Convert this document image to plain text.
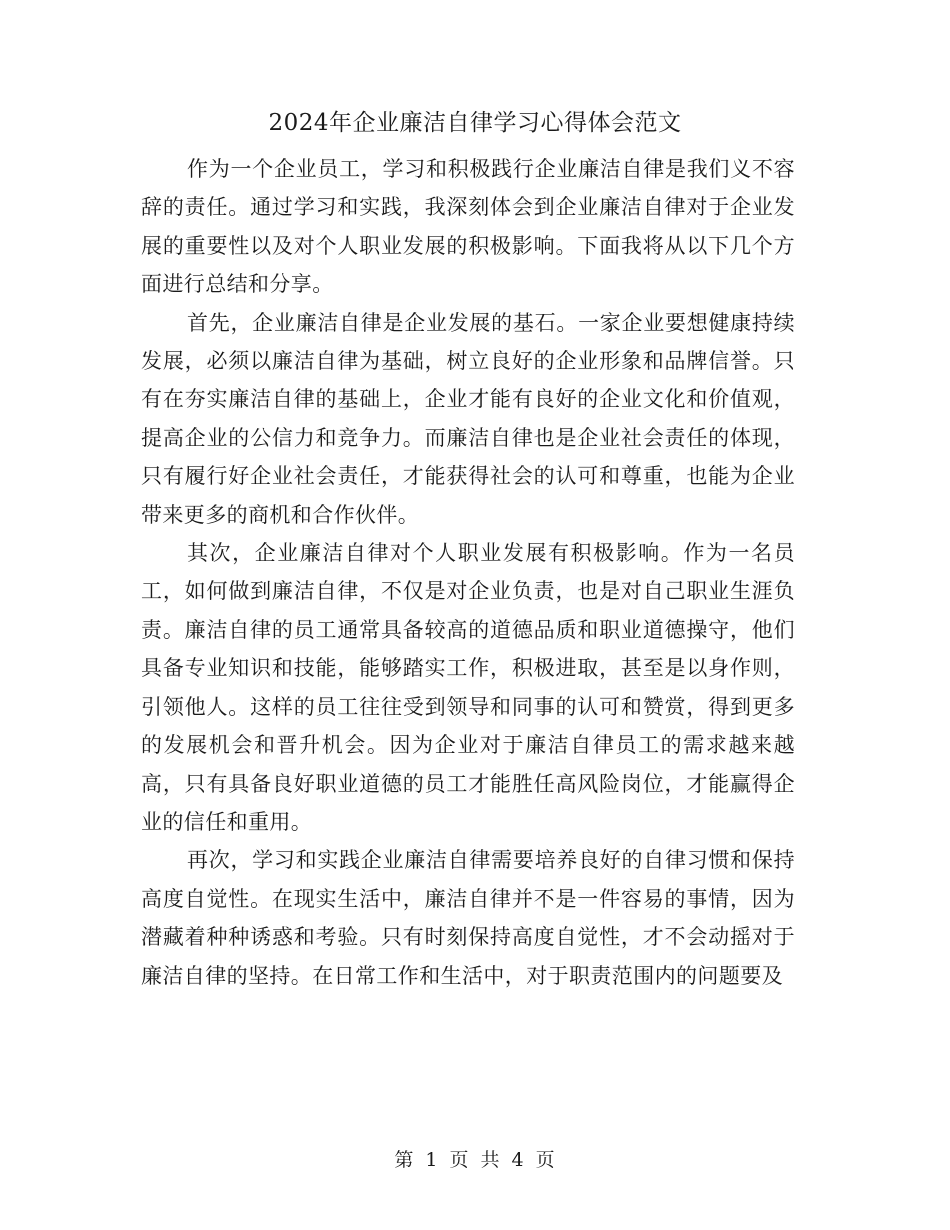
2024年企业廉洁自律学习心得体会范文

作为一个企业员工，学习和积极践行企业廉洁自律是我们义不容辞的责任。通过学习和实践，我深刻体会到企业廉洁自律对于企业发展的重要性以及对个人职业发展的积极影响。下面我将从以下几个方面进行总结和分享。

首先，企业廉洁自律是企业发展的基石。一家企业要想健康持续发展，必须以廉洁自律为基础，树立良好的企业形象和品牌信誉。只有在夯实廉洁自律的基础上，企业才能有良好的企业文化和价值观，提高企业的公信力和竞争力。而廉洁自律也是企业社会责任的体现，只有履行好企业社会责任，才能获得社会的认可和尊重，也能为企业带来更多的商机和合作伙伴。

其次，企业廉洁自律对个人职业发展有积极影响。作为一名员工，如何做到廉洁自律，不仅是对企业负责，也是对自己职业生涯负责。廉洁自律的员工通常具备较高的道德品质和职业道德操守，他们具备专业知识和技能，能够踏实工作，积极进取，甚至是以身作则，引领他人。这样的员工往往受到领导和同事的认可和赞赏，得到更多的发展机会和晋升机会。因为企业对于廉洁自律员工的需求越来越高，只有具备良好职业道德的员工才能胜任高风险岗位，才能赢得企业的信任和重用。

再次，学习和实践企业廉洁自律需要培养良好的自律习惯和保持高度自觉性。在现实生活中，廉洁自律并不是一件容易的事情，因为潜藏着种种诱惑和考验。只有时刻保持高度自觉性，才不会动摇对于廉洁自律的坚持。在日常工作和生活中，对于职责范围内的问题要及

第 1 页 共 4 页
